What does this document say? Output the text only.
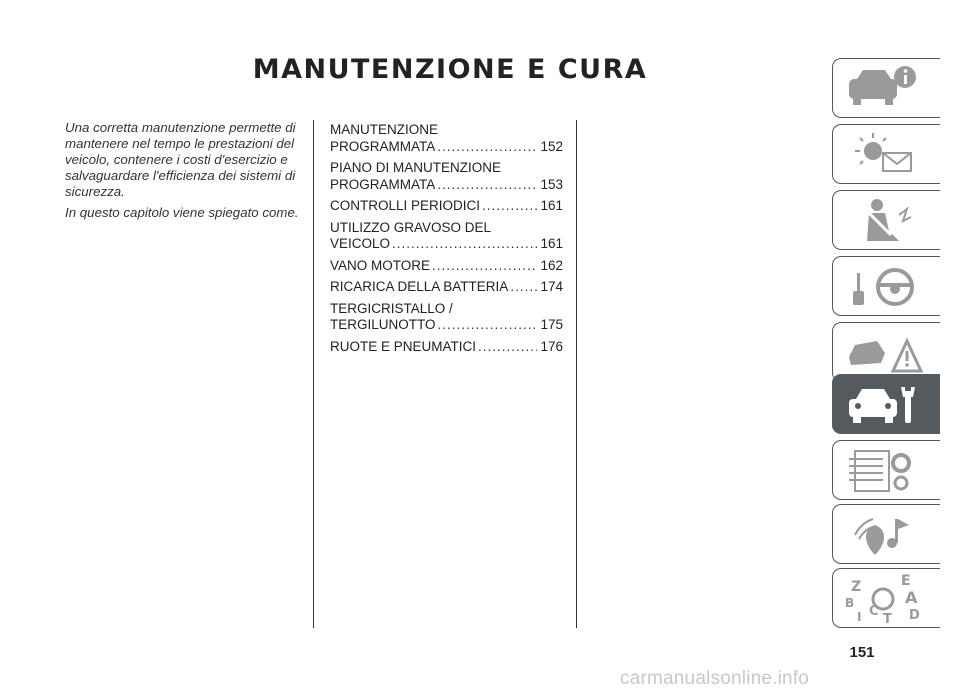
MANUTENZIONE E CURA

Una corretta manutenzione permette di mantenere nel tempo le prestazioni del veicolo, contenere i costi d'esercizio e salvaguardare l'efficienza dei sistemi di sicurezza.

In questo capitolo viene spiegato come.

MANUTENZIONE
PROGRAMMATA .....	152
PIANO DI MANUTENZIONE
PROGRAMMATA .....	153
CONTROLLI PERIODICI .....	161
UTILIZZO GRAVOSO DEL
VEICOLO .....	161
VANO MOTORE .....	162
RICARICA DELLA BATTERIA ..... 174
TERGICRISTALLO /
TERGILUNOTTO .....	175
RUOTE E PNEUMATICI .....	176
Z	E
B	A
I C
T D
151
carmanualsonline.info
